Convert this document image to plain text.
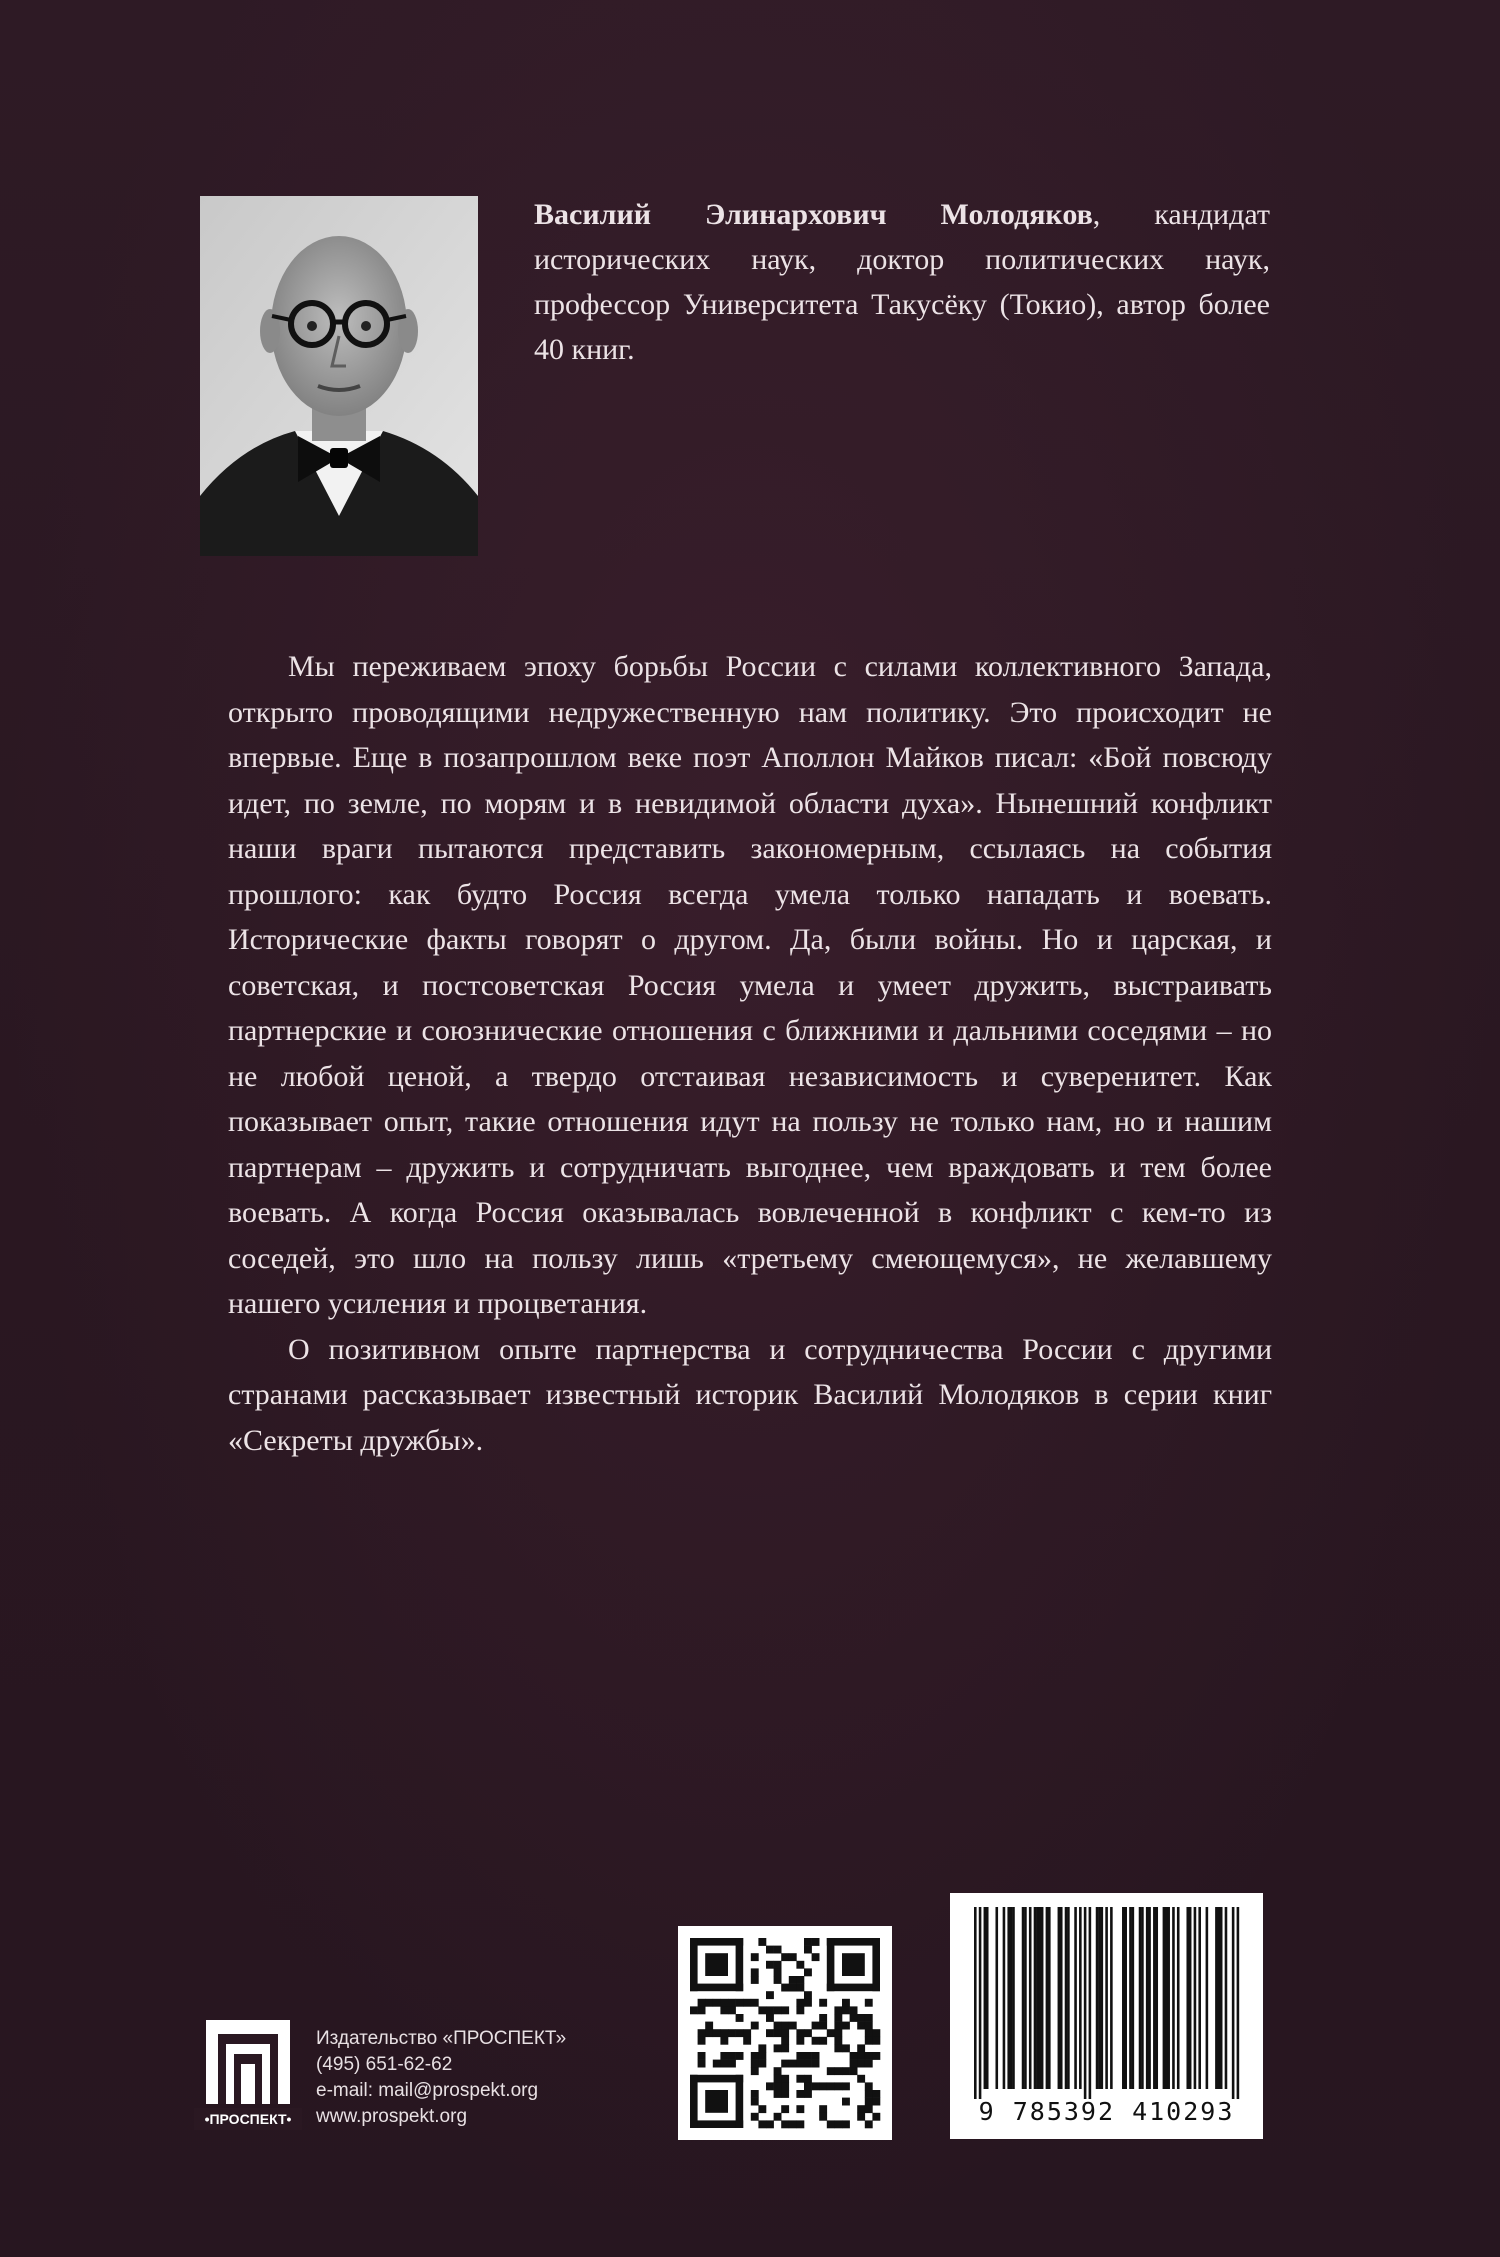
Василий Элинархович Молодяков, кандидат исторических наук, доктор политических наук, профессор Университета Такусёку (Токио), автор более 40 книг.

Мы переживаем эпоху борьбы России с силами коллективного Запада, открыто проводящими недружественную нам политику. Это происходит не впервые. Еще в позапрошлом веке поэт Аполлон Майков писал: «Бой повсюду идет, по земле, по морям и в невидимой области духа». Нынешний конфликт наши враги пытаются представить закономерным, ссылаясь на события прошлого: как будто Россия всегда умела только нападать и воевать. Исторические факты говорят о другом. Да, были войны. Но и царская, и советская, и постсоветская Россия умела и умеет дружить, выстраивать партнерские и союзнические отношения с ближними и дальними соседями – но не любой ценой, а твердо отстаивая независимость и суверенитет. Как показывает опыт, такие отношения идут на пользу не только нам, но и нашим партнерам – дружить и сотрудничать выгоднее, чем враждовать и тем более воевать. А когда Россия оказывалась вовлеченной в конфликт с кем-то из соседей, это шло на пользу лишь «третьему смеющемуся», не желавшему нашего усиления и процветания.

О позитивном опыте партнерства и сотрудничества России с другими странами рассказывает известный историк Василий Молодяков в серии книг «Секреты дружбы».

•ПРОСПЕКТ•
Издательство «ПРОСПЕКТ»
(495) 651-62-62
e-mail: mail@prospekt.org
www.prospekt.org	9 785392 410293
